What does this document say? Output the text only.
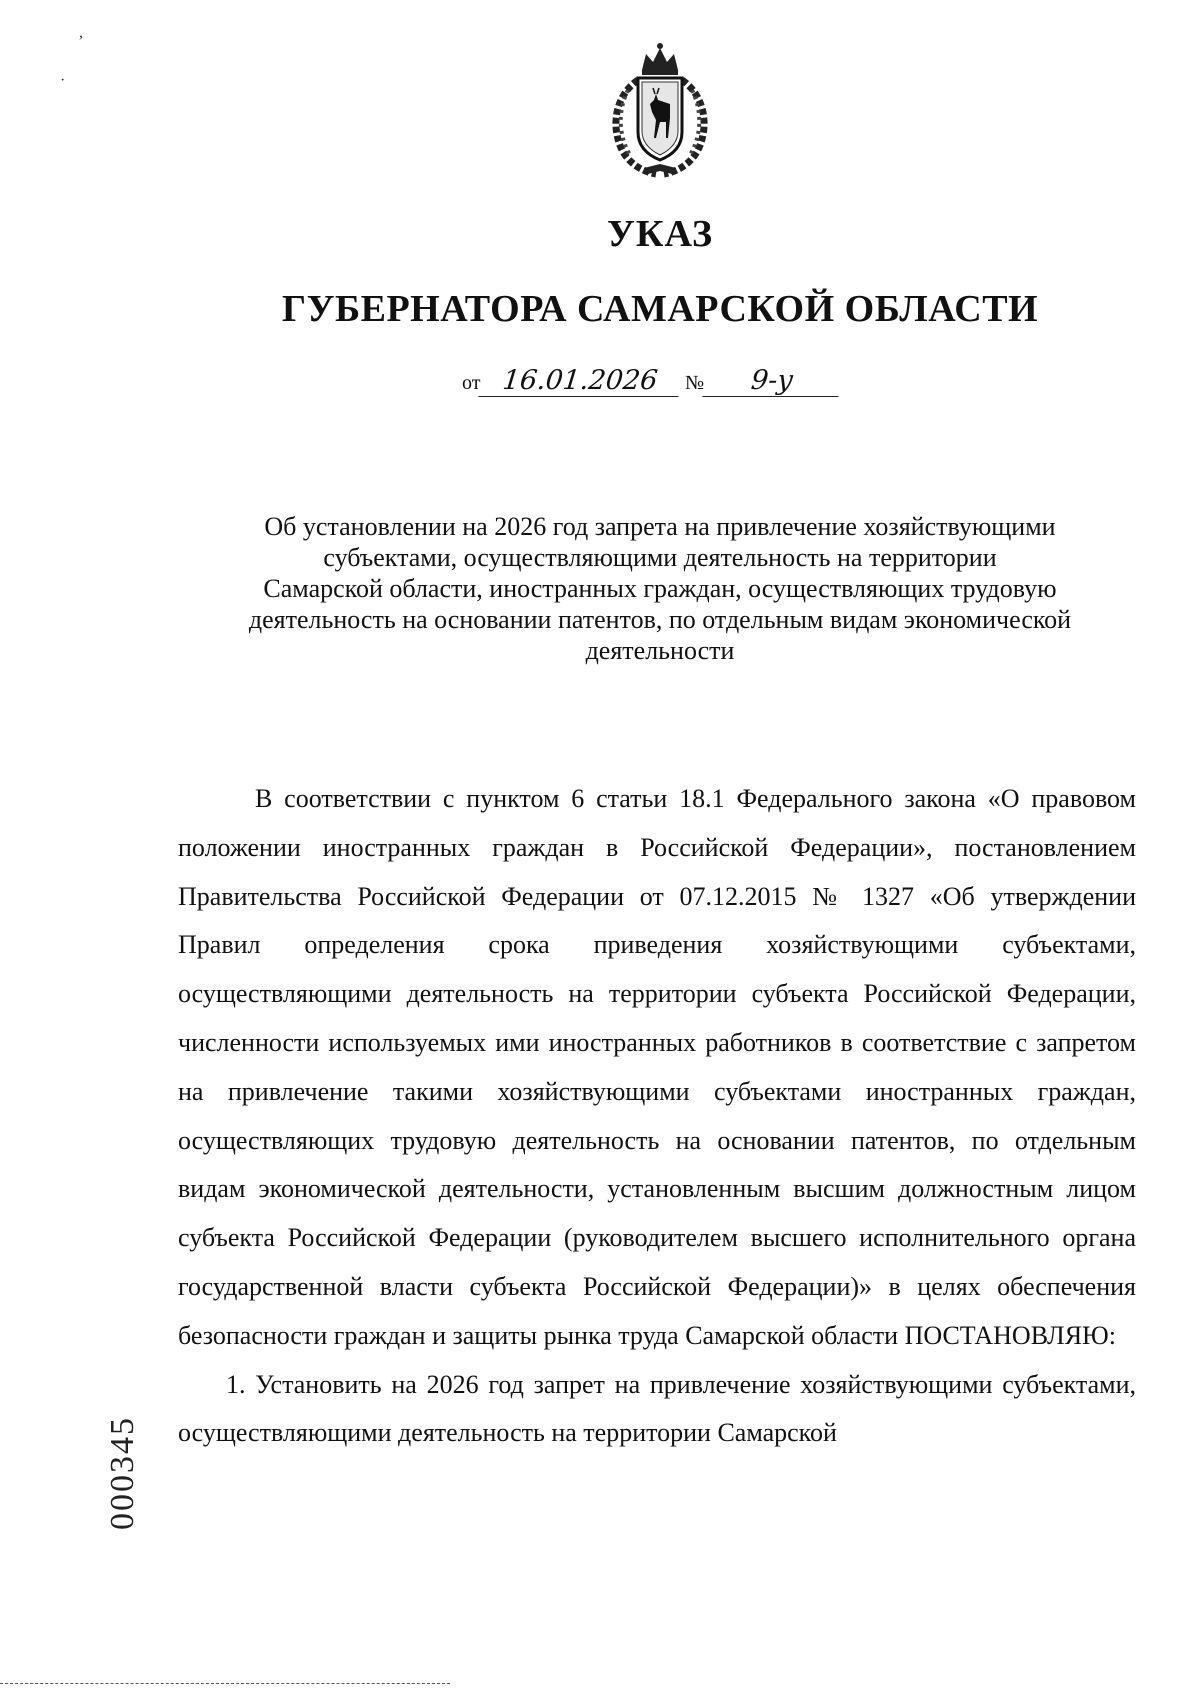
УКАЗ
ГУБЕРНАТОРА САМАРСКОЙ ОБЛАСТИ
от 16.01.2026 № 9-у
Об установлении на 2026 год запрета на привлечение хозяйствующими
субъектами, осуществляющими деятельность на территории
Самарской области, иностранных граждан, осуществляющих трудовую
деятельность на основании патентов, по отдельным видам экономической
деятельности

В соответствии с пунктом 6 статьи 18.1 Федерального закона «О правовом положении иностранных граждан в Российской Федерации», постановлением Правительства Российской Федерации от 07.12.2015 № 1327 «Об утверждении Правил определения срока приведения хозяйствующими субъектами, осуществляющими деятельность на территории субъекта Российской Федерации, численности используемых ими иностранных работников в соответствие с запретом на привлечение такими хозяйствующими субъектами иностранных граждан, осуществляющих трудовую деятельность на основании патентов, по отдельным видам экономической деятельности, установленным высшим должностным лицом субъекта Российской Федерации (руководителем высшего исполнительного органа государственной власти субъекта Российской Федерации)» в целях обеспечения безопасности граждан и защиты рынка труда Самарской области ПОСТАНОВЛЯЮ:

1. Установить на 2026 год запрет на привлечение хозяйствующими субъектами, осуществляющими деятельность на территории Самарской

000345
,
·
